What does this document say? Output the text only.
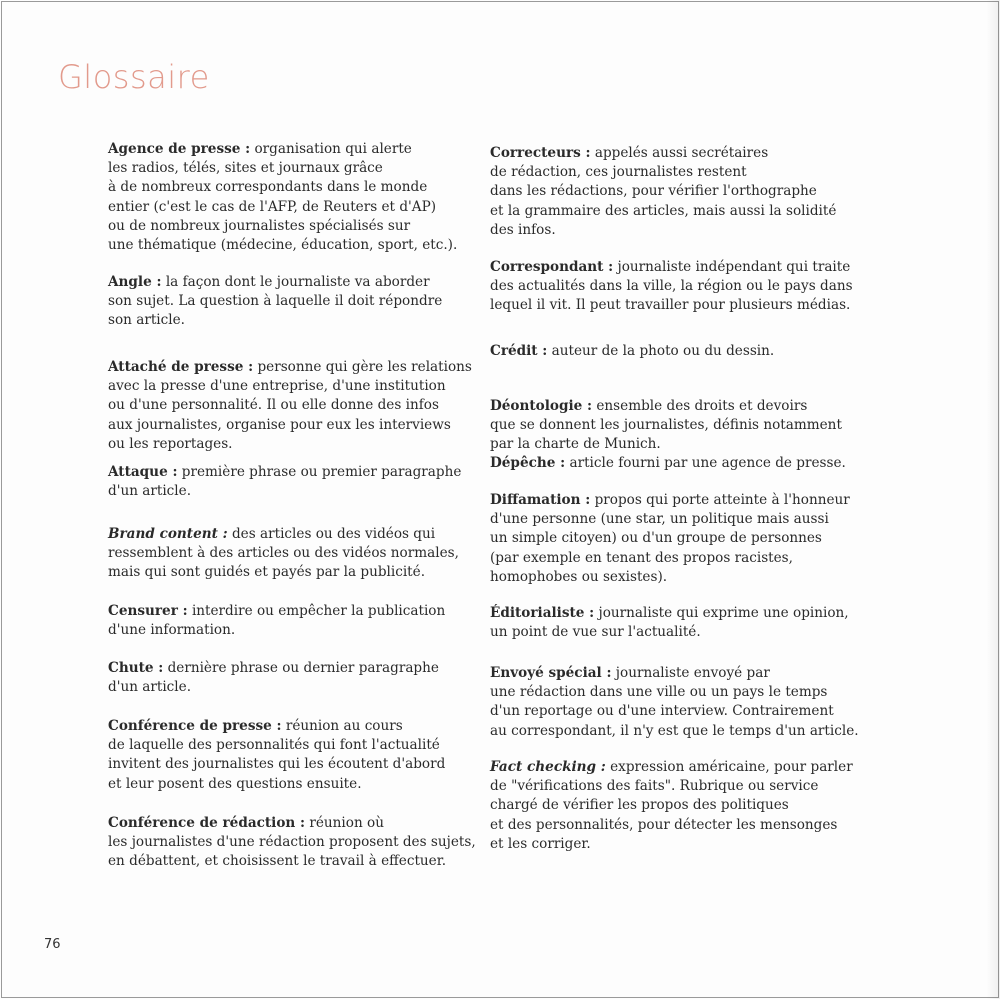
Glossaire

Agence de presse : organisation qui alerte
les radios, télés, sites et journaux grâce
à de nombreux correspondants dans le monde
entier (c'est le cas de l'AFP, de Reuters et d'AP)
ou de nombreux journalistes spécialisés sur
une thématique (médecine, éducation, sport, etc.).

Angle : la façon dont le journaliste va aborder
son sujet. La question à laquelle il doit répondre
son article.

Attaché de presse : personne qui gère les relations
avec la presse d'une entreprise, d'une institution
ou d'une personnalité. Il ou elle donne des infos
aux journalistes, organise pour eux les interviews
ou les reportages.

Attaque : première phrase ou premier paragraphe
d'un article.

Brand content : des articles ou des vidéos qui
ressemblent à des articles ou des vidéos normales,
mais qui sont guidés et payés par la publicité.

Censurer : interdire ou empêcher la publication
d'une information.

Chute : dernière phrase ou dernier paragraphe
d'un article.

Conférence de presse : réunion au cours
de laquelle des personnalités qui font l'actualité
invitent des journalistes qui les écoutent d'abord
et leur posent des questions ensuite.

Conférence de rédaction : réunion où
les journalistes d'une rédaction proposent des sujets,
en débattent, et choisissent le travail à effectuer.

Correcteurs : appelés aussi secrétaires
de rédaction, ces journalistes restent
dans les rédactions, pour vérifier l'orthographe
et la grammaire des articles, mais aussi la solidité
des infos.

Correspondant : journaliste indépendant qui traite
des actualités dans la ville, la région ou le pays dans
lequel il vit. Il peut travailler pour plusieurs médias.

Crédit : auteur de la photo ou du dessin.

Déontologie : ensemble des droits et devoirs
que se donnent les journalistes, définis notamment
par la charte de Munich.

Dépêche : article fourni par une agence de presse.

Diffamation : propos qui porte atteinte à l'honneur
d'une personne (une star, un politique mais aussi
un simple citoyen) ou d'un groupe de personnes
(par exemple en tenant des propos racistes,
homophobes ou sexistes).

Éditorialiste : journaliste qui exprime une opinion,
un point de vue sur l'actualité.

Envoyé spécial : journaliste envoyé par
une rédaction dans une ville ou un pays le temps
d'un reportage ou d'une interview. Contrairement
au correspondant, il n'y est que le temps d'un article.

Fact checking : expression américaine, pour parler
de "vérifications des faits". Rubrique ou service
chargé de vérifier les propos des politiques
et des personnalités, pour détecter les mensonges
et les corriger.

76
